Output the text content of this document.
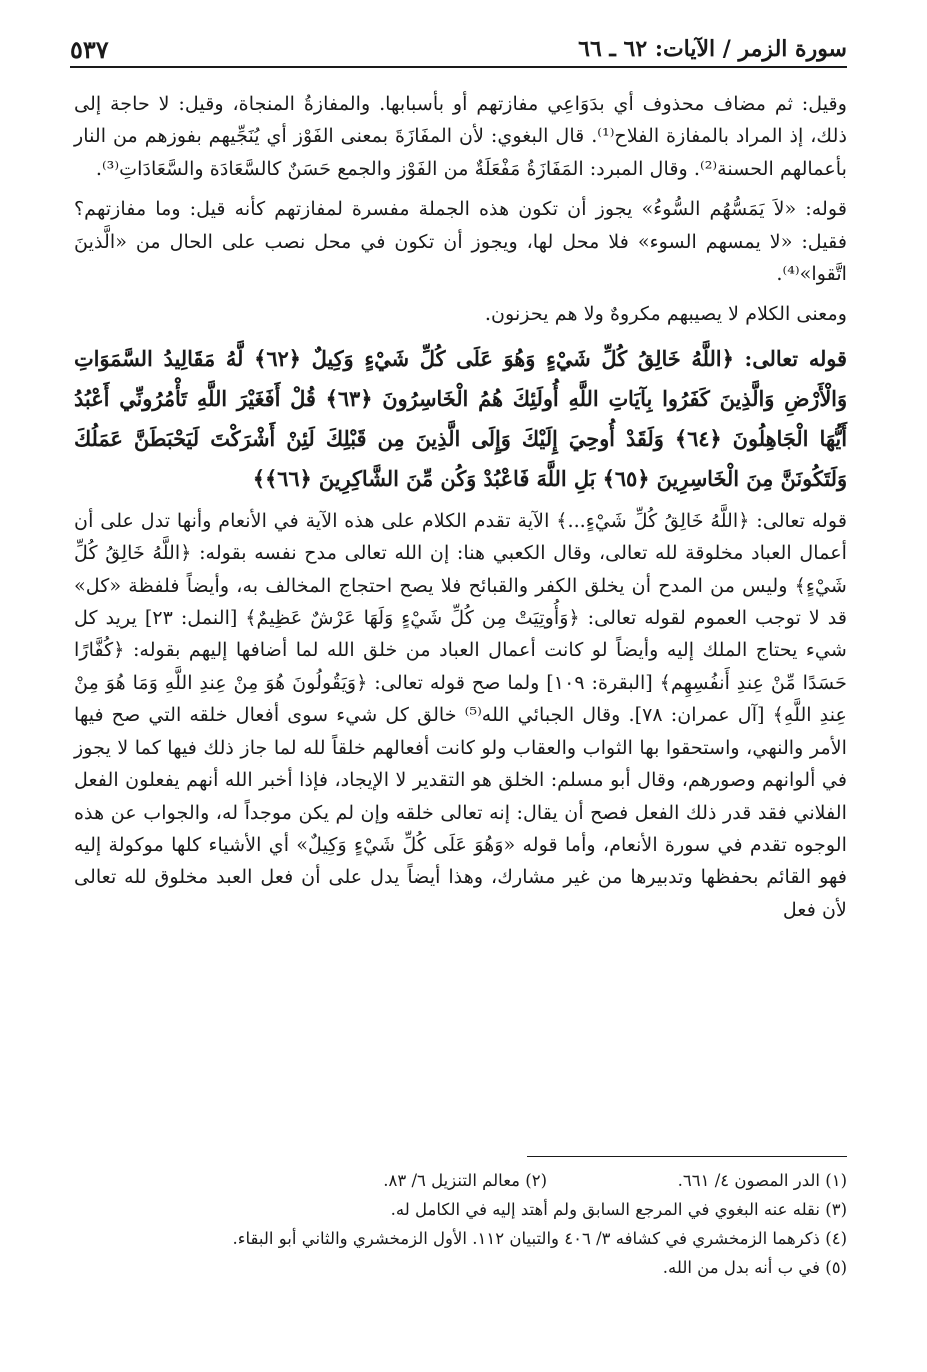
سورة الزمر / الآيات: ٦٢ ـ ٦٦
٥٣٧

وقيل: ثم مضاف محذوف أي بدَوَاعِي مفازتهم أو بأسبابها. والمفازةُ المنجاة، وقيل: لا حاجة إلى ذلك، إذ المراد بالمفازة الفلاح⁽¹⁾. قال البغوي: لأن المفَازَةَ بمعنى الفَوْز أي يُنَجِّيهم بفوزهم من النار بأعمالهم الحسنة⁽²⁾. وقال المبرد: المَفَازَةُ مَفْعَلَةٌ من الفَوْز والجمع حَسَنٌ كالسَّعَادَة والسَّعَادَاتِ⁽³⁾.

قوله: «لاَ يَمَسُّهُم السُّوءُ» يجوز أن تكون هذه الجملة مفسرة لمفازتهم كأنه قيل: وما مفازتهم؟ فقيل: «لا يمسهم السوء» فلا محل لها، ويجوز أن تكون في محل نصب على الحال من «الَّذينَ اتَّقوا»⁽⁴⁾.

ومعنى الكلام لا يصيبهم مكروهٌ ولا هم يحزنون.

قوله تعالى: ﴿اللَّهُ خَالِقُ كُلِّ شَيْءٍ وَهُوَ عَلَى كُلِّ شَيْءٍ وَكِيلٌ ﴿٦٢﴾ لَّهُ مَقَالِيدُ السَّمَوَاتِ وَالْأَرْضِ وَالَّذِينَ كَفَرُوا بِآيَاتِ اللَّهِ أُولَئِكَ هُمُ الْخَاسِرُونَ ﴿٦٣﴾ قُلْ أَفَغَيْرَ اللَّهِ تَأْمُرُونِّي أَعْبُدُ أَيُّهَا الْجَاهِلُونَ ﴿٦٤﴾ وَلَقَدْ أُوحِيَ إِلَيْكَ وَإِلَى الَّذِينَ مِن قَبْلِكَ لَئِنْ أَشْرَكْتَ لَيَحْبَطَنَّ عَمَلُكَ وَلَتَكُونَنَّ مِنَ الْخَاسِرِينَ ﴿٦٥﴾ بَلِ اللَّهَ فَاعْبُدْ وَكُن مِّنَ الشَّاكِرِينَ ﴿٦٦﴾﴾

قوله تعالى: ﴿اللَّهُ خَالِقُ كُلِّ شَيْءٍ...﴾ الآية تقدم الكلام على هذه الآية في الأنعام وأنها تدل على أن أعمال العباد مخلوقة لله تعالى، وقال الكعبي هنا: إن الله تعالى مدح نفسه بقوله: ﴿اللَّهُ خَالِقُ كُلِّ شَيْءٍ﴾ وليس من المدح أن يخلق الكفر والقبائح فلا يصح احتجاج المخالف به، وأيضاً فلفظة «كل» قد لا توجب العموم لقوله تعالى: ﴿وَأُوتِيَتْ مِن كُلِّ شَيْءٍ وَلَهَا عَرْشٌ عَظِيمٌ﴾ [النمل: ٢٣] يريد كل شيء يحتاج الملك إليه وأيضاً لو كانت أعمال العباد من خلق الله لما أضافها إليهم بقوله: ﴿كُفَّارًا حَسَدًا مِّنْ عِندِ أَنفُسِهِم﴾ [البقرة: ١٠٩] ولما صح قوله تعالى: ﴿وَيَقُولُونَ هُوَ مِنْ عِندِ اللَّهِ وَمَا هُوَ مِنْ عِندِ اللَّهِ﴾ [آل عمران: ٧٨]. وقال الجبائي الله⁽⁵⁾ خالق كل شيء سوى أفعال خلقه التي صح فيها الأمر والنهي، واستحقوا بها الثواب والعقاب ولو كانت أفعالهم خلقاً لله لما جاز ذلك فيها كما لا يجوز في ألوانهم وصورهم، وقال أبو مسلم: الخلق هو التقدير لا الإيجاد، فإذا أخبر الله أنهم يفعلون الفعل الفلاني فقد قدر ذلك الفعل فصح أن يقال: إنه تعالى خلقه وإن لم يكن موجداً له، والجواب عن هذه الوجوه تقدم في سورة الأنعام، وأما قوله «وَهُوَ عَلَى كُلِّ شَيْءٍ وَكِيلٌ» أي الأشياء كلها موكولة إليه فهو القائم بحفظها وتدبيرها من غير مشارك، وهذا أيضاً يدل على أن فعل العبد مخلوق لله تعالى لأن فعل

(١) الدر المصون ٤/ ٦٦١.
(٢) معالم التنزيل ٦/ ٨٣.
(٣) نقله عنه البغوي في المرجع السابق ولم أهتد إليه في الكامل له.
(٤) ذكرهما الزمخشري في كشافه ٣/ ٤٠٦ والتبيان ١١٢. الأول الزمخشري والثاني أبو البقاء.
(٥) في ب أنه بدل من الله.
